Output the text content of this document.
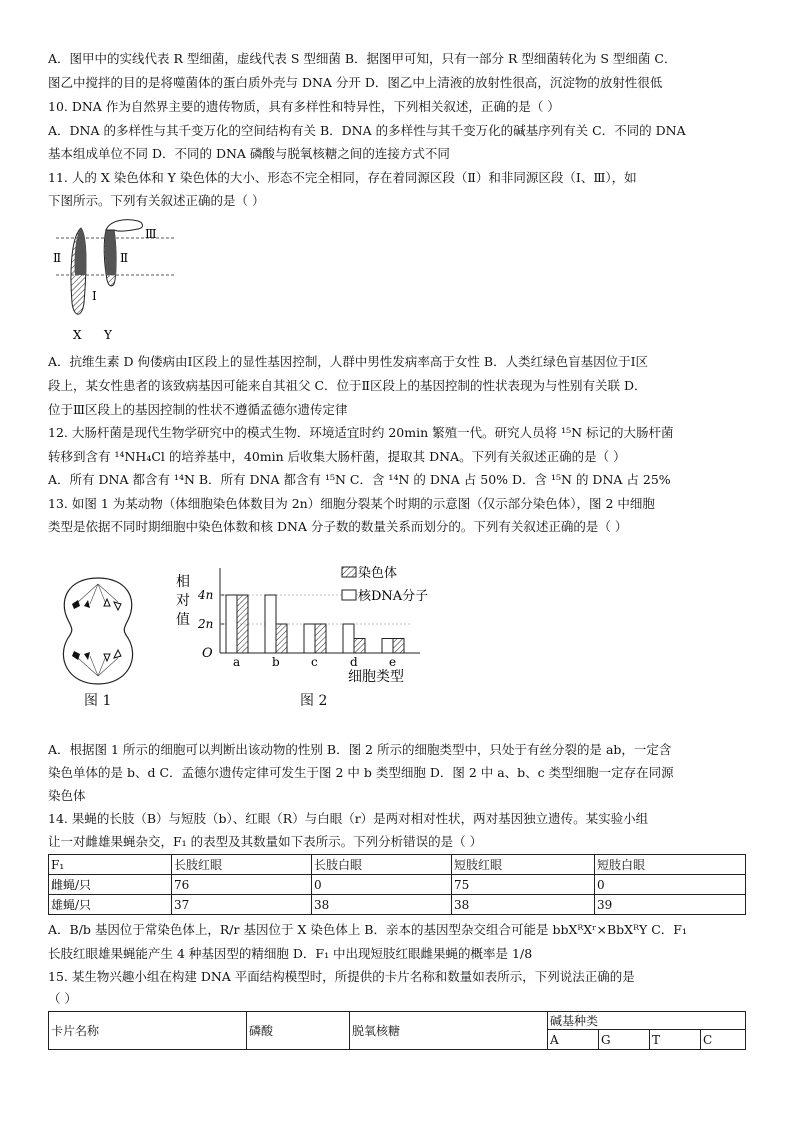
A．图甲中的实线代表 R 型细菌，虚线代表 S 型细菌 B．据图甲可知，只有一部分 R 型细菌转化为 S 型细菌 C．
图乙中搅拌的目的是将噬菌体的蛋白质外壳与 DNA 分开 D．图乙中上清液的放射性很高，沉淀物的放射性很低
10. DNA 作为自然界主要的遗传物质，具有多样性和特异性，下列相关叙述，正确的是（ ）
A．DNA 的多样性与其千变万化的空间结构有关 B．DNA 的多样性与其千变万化的碱基序列有关 C．不同的 DNA
基本组成单位不同 D．不同的 DNA 磷酸与脱氧核糖之间的连接方式不同
11. 人的 X 染色体和 Y 染色体的大小、形态不完全相同，存在着同源区段（Ⅱ）和非同源区段（Ⅰ、Ⅲ），如
下图所示。下列有关叙述正确的是（ ）
Ⅱ	Ⅱ
Ⅰ
Ⅲ
X Y
A．抗维生素 D 佝偻病由Ⅰ区段上的显性基因控制，人群中男性发病率高于女性 B．人类红绿色盲基因位于Ⅰ区
段上，某女性患者的该致病基因可能来自其祖父 C．位于Ⅱ区段上的基因控制的性状表现为与性别有关联 D．
位于Ⅲ区段上的基因控制的性状不遵循孟德尔遗传定律
12. 大肠杆菌是现代生物学研究中的模式生物．环境适宜时约 20min 繁殖一代。研究人员将 ¹⁵N 标记的大肠杆菌
转移到含有 ¹⁴NH₄Cl 的培养基中，40min 后收集大肠杆菌，提取其 DNA。下列有关叙述正确的是（ ）
A．所有 DNA 都含有 ¹⁴N B．所有 DNA 都含有 ¹⁵N C．含 ¹⁴N 的 DNA 占 50% D．含 ¹⁵N 的 DNA 占 25%
13. 如图 1 为某动物（体细胞染色体数目为 2n）细胞分裂某个时期的示意图（仅示部分染色体），图 2 中细胞
类型是依据不同时期细胞中染色体数和核 DNA 分子数的数量关系而划分的。下列有关叙述正确的是（ ）
图 1
相
对
值
O
4n
2n
a	b	c	d	e
染色体
核DNA分子
细胞类型
图 2
A．根据图 1 所示的细胞可以判断出该动物的性别 B．图 2 所示的细胞类型中，只处于有丝分裂的是 ab，一定含
染色单体的是 b、d C．孟德尔遗传定律可发生于图 2 中 b 类型细胞 D．图 2 中 a、b、c 类型细胞一定存在同源
染色体
14. 果蝇的长肢（B）与短肢（b）、红眼（R）与白眼（r）是两对相对性状，两对基因独立遗传。某实验小组
让一对雌雄果蝇杂交，F₁ 的表型及其数量如下表所示。下列分析错误的是（ ）
F₁	长肢红眼	长肢白眼	短肢红眼	短肢白眼
雌蝇/只	76	0	75	0
雄蝇/只	37	38	38	39
A．B/b 基因位于常染色体上，R/r 基因位于 X 染色体上 B．亲本的基因型杂交组合可能是 bbXᴿXʳ×BbXᴿY C．F₁
长肢红眼雄果蝇能产生 4 种基因型的精细胞 D．F₁ 中出现短肢红眼雌果蝇的概率是 1/8
15. 某生物兴趣小组在构建 DNA 平面结构模型时，所提供的卡片名称和数量如表所示，下列说法正确的是
（ ）
卡片名称	磷酸	脱氧核糖	碱基种类			
			A	G	T	C
